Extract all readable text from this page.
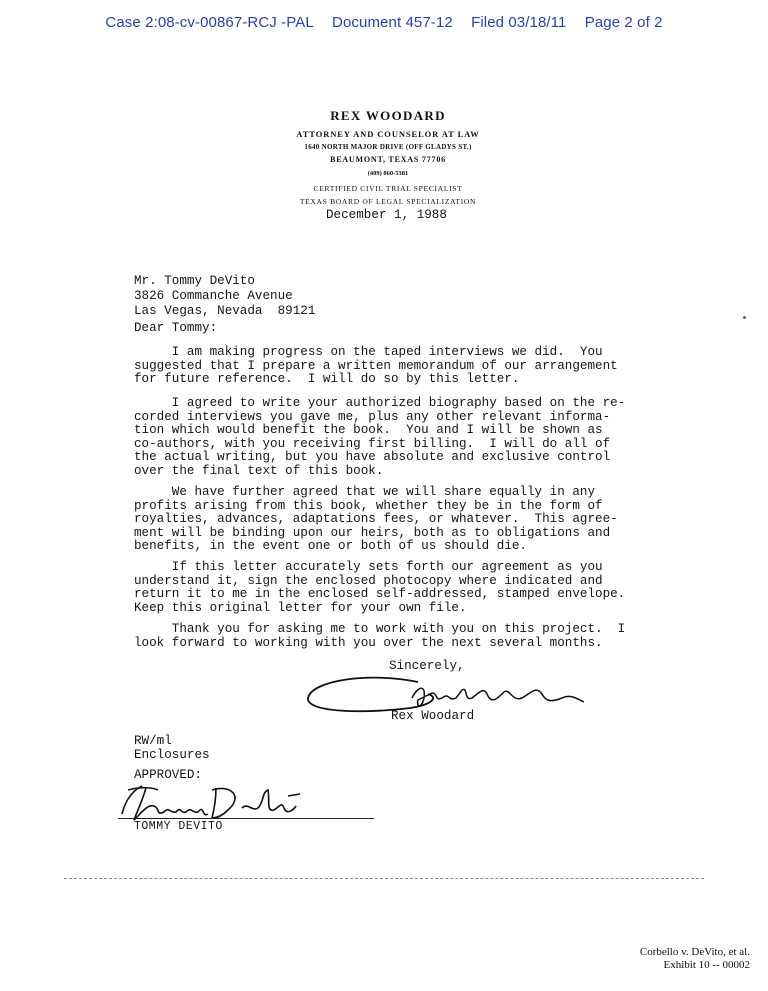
Case 2:08-cv-00867-RCJ -PAL Document 457-12 Filed 03/18/11 Page 2 of 2
REX WOODARD
ATTORNEY AND COUNSELOR AT LAW
1640 NORTH MAJOR DRIVE (OFF GLADYS ST.)
BEAUMONT, TEXAS 77706
(409) 860-5381
CERTIFIED CIVIL TRIAL SPECIALIST
TEXAS BOARD OF LEGAL SPECIALIZATION
December 1, 1988
Mr. Tommy DeVito
3826 Commanche Avenue
Las Vegas, Nevada  89121
Dear Tommy:
I am making progress on the taped interviews we did.  You
suggested that I prepare a written memorandum of our arrangement
for future reference.  I will do so by this letter.
I agreed to write your authorized biography based on the re-
corded interviews you gave me, plus any other relevant informa-
tion which would benefit the book.  You and I will be shown as
co-authors, with you receiving first billing.  I will do all of
the actual writing, but you have absolute and exclusive control
over the final text of this book.
We have further agreed that we will share equally in any
profits arising from this book, whether they be in the form of
royalties, advances, adaptations fees, or whatever.  This agree-
ment will be binding upon our heirs, both as to obligations and
benefits, in the event one or both of us should die.
If this letter accurately sets forth our agreement as you
understand it, sign the enclosed photocopy where indicated and
return it to me in the enclosed self-addressed, stamped envelope.
Keep this original letter for your own file.
Thank you for asking me to work with you on this project.  I
look forward to working with you over the next several months.
Sincerely,
Rex Woodard
RW/ml
Enclosures
APPROVED:
TOMMY DEVITO
Corbello v. DeVito, et al.
Exhibit 10 -- 00002
